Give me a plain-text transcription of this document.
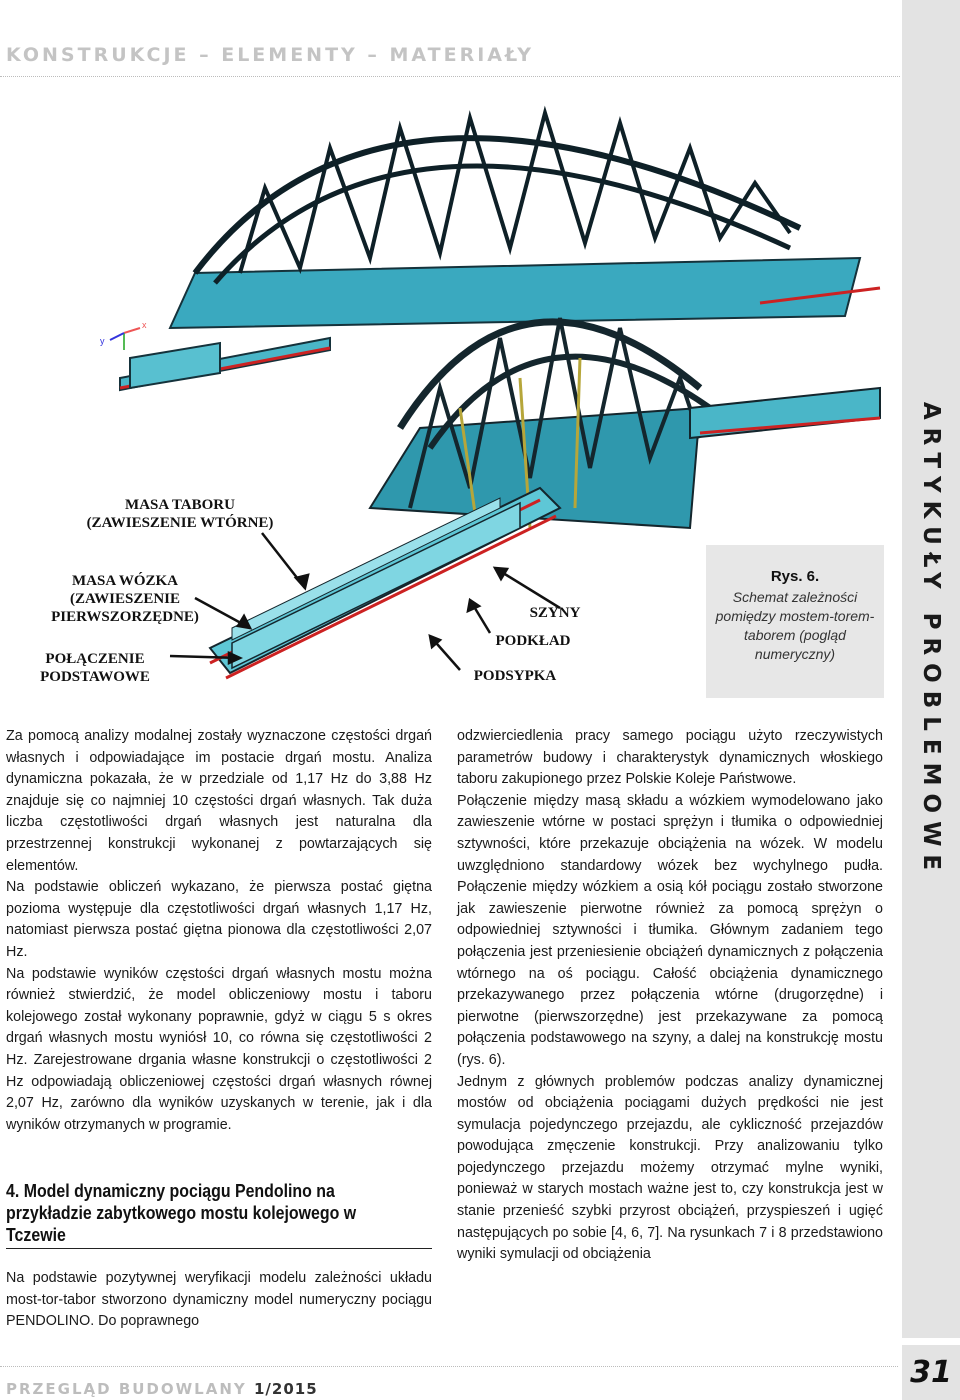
KONSTRUKCJE – ELEMENTY – MATERIAŁY
ARTYKUŁY PROBLEMOWE
x
y
MASA TABORU
(ZAWIESZENIE WTÓRNE)
MASA WÓZKA
(ZAWIESZENIE
PIERWSZORZĘDNE)
POŁĄCZENIE
PODSTAWOWE
SZYNY
PODKŁAD
PODSYPKA
Rys. 6.
Schemat zależności pomiędzy mostem-torem-taborem (pogląd numeryczny)

Za pomocą analizy modalnej zostały wyznaczone częstości drgań własnych i odpowiadające im postacie drgań mostu. Analiza dynamiczna pokazała, że w przedziale od 1,17 Hz do 3,88 Hz znajduje się co najmniej 10 częstości drgań własnych. Tak duża liczba częstotliwości drgań własnych jest naturalna dla przestrzennej konstrukcji wykonanej z powtarzających się elementów.

Na podstawie obliczeń wykazano, że pierwsza postać giętna pozioma występuje dla częstotliwości drgań własnych 1,17 Hz, natomiast pierwsza postać giętna pionowa dla częstotliwości 2,07 Hz.

Na podstawie wyników częstości drgań własnych mostu można również stwierdzić, że model obliczeniowy mostu i taboru kolejowego został wykonany poprawnie, gdyż w ciągu 5 s okres drgań własnych mostu wyniósł 10, co równa się częstotliwości 2 Hz. Zarejestrowane drgania własne konstrukcji o częstotliwości 2 Hz odpowiadają obliczeniowej częstości drgań własnych równej 2,07 Hz, zarówno dla wyników uzyskanych w terenie, jak i dla wyników otrzymanych w programie.

4. Model dynamiczny pociągu Pendolino na przykładzie zabytkowego mostu kolejowego w Tczewie

Na podstawie pozytywnej weryfikacji modelu zależności układu most-tor-tabor stworzono dynamiczny model numeryczny pociągu PENDOLINO. Do poprawnego

odzwierciedlenia pracy samego pociągu użyto rzeczywistych parametrów budowy i charakterystyk dynamicznych włoskiego taboru zakupionego przez Polskie Koleje Państwowe.

Połączenie między masą składu a wózkiem wymodelowano jako zawieszenie wtórne w postaci sprężyn i tłumika o odpowiedniej sztywności, które przekazuje obciążenia na wózek. W modelu uwzględniono standardowy wózek bez wychylnego pudła. Połączenie między wózkiem a osią kół pociągu zostało stworzone jak zawieszenie pierwotne również za pomocą sprężyn o odpowiedniej sztywności i tłumika. Głównym zadaniem tego połączenia jest przeniesienie obciążeń dynamicznych z połączenia wtórnego na oś pociągu. Całość obciążenia dynamicznego przekazywanego przez połączenia wtórne (drugorzędne) i pierwotne (pierwszorzędne) jest przekazywane za pomocą połączenia podstawowego na szyny, a dalej na konstrukcję mostu (rys. 6).

Jednym z głównych problemów podczas analizy dynamicznej mostów od obciążenia pociągami dużych prędkości nie jest symulacja pojedynczego przejazdu, ale cykliczność przejazdów powodująca zmęczenie konstrukcji. Przy analizowaniu tylko pojedynczego przejazdu możemy otrzymać mylne wyniki, ponieważ w starych mostach ważne jest to, czy konstrukcja jest w stanie przenieść szybki przyrost obciążeń, przyspieszeń i ugięć następujących po sobie [4, 6, 7]. Na rysunkach 7 i 8 przedstawiono wyniki symulacji od obciążenia

PRZEGLĄD BUDOWLANY 1/2015	31
